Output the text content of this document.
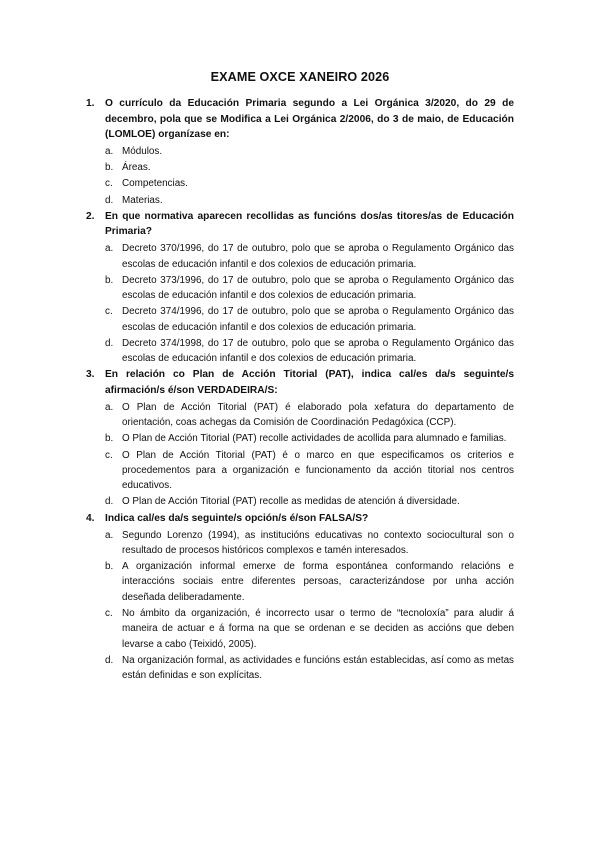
EXAME OXCE XANEIRO 2026
1. O currículo da Educación Primaria segundo a Lei Orgánica 3/2020, do 29 de decembro, pola que se Modifica a Lei Orgánica 2/2006, do 3 de maio, de Educación (LOMLOE) organízase en:
a. Módulos.
b. Áreas.
c. Competencias.
d. Materias.
2. En que normativa aparecen recollidas as funcións dos/as titores/as de Educación Primaria?
a. Decreto 370/1996, do 17 de outubro, polo que se aproba o Regulamento Orgánico das escolas de educación infantil e dos colexios de educación primaria.
b. Decreto 373/1996, do 17 de outubro, polo que se aproba o Regulamento Orgánico das escolas de educación infantil e dos colexios de educación primaria.
c. Decreto 374/1996, do 17 de outubro, polo que se aproba o Regulamento Orgánico das escolas de educación infantil e dos colexios de educación primaria.
d. Decreto 374/1998, do 17 de outubro, polo que se aproba o Regulamento Orgánico das escolas de educación infantil e dos colexios de educación primaria.
3. En relación co Plan de Acción Titorial (PAT), indica cal/es da/s seguinte/s afirmación/s é/son VERDADEIRA/S:
a. O Plan de Acción Titorial (PAT) é elaborado pola xefatura do departamento de orientación, coas achegas da Comisión de Coordinación Pedagóxica (CCP).
b. O Plan de Acción Titorial (PAT) recolle actividades de acollida para alumnado e familias.
c. O Plan de Acción Titorial (PAT) é o marco en que especificamos os criterios e procedementos para a organización e funcionamento da acción titorial nos centros educativos.
d. O Plan de Acción Titorial (PAT) recolle as medidas de atención á diversidade.
4. Indica cal/es da/s seguinte/s opción/s é/son FALSA/S?
a. Segundo Lorenzo (1994), as institucións educativas no contexto sociocultural son o resultado de procesos históricos complexos e tamén interesados.
b. A organización informal emerxe de forma espontánea conformando relacións e interaccións sociais entre diferentes persoas, caracterizándose por unha acción deseñada deliberadamente.
c. No ámbito da organización, é incorrecto usar o termo de “tecnoloxía” para aludir á maneira de actuar e á forma na que se ordenan e se deciden as accións que deben levarse a cabo (Teixidó, 2005).
d. Na organización formal, as actividades e funcións están establecidas, así como as metas están definidas e son explícitas.
